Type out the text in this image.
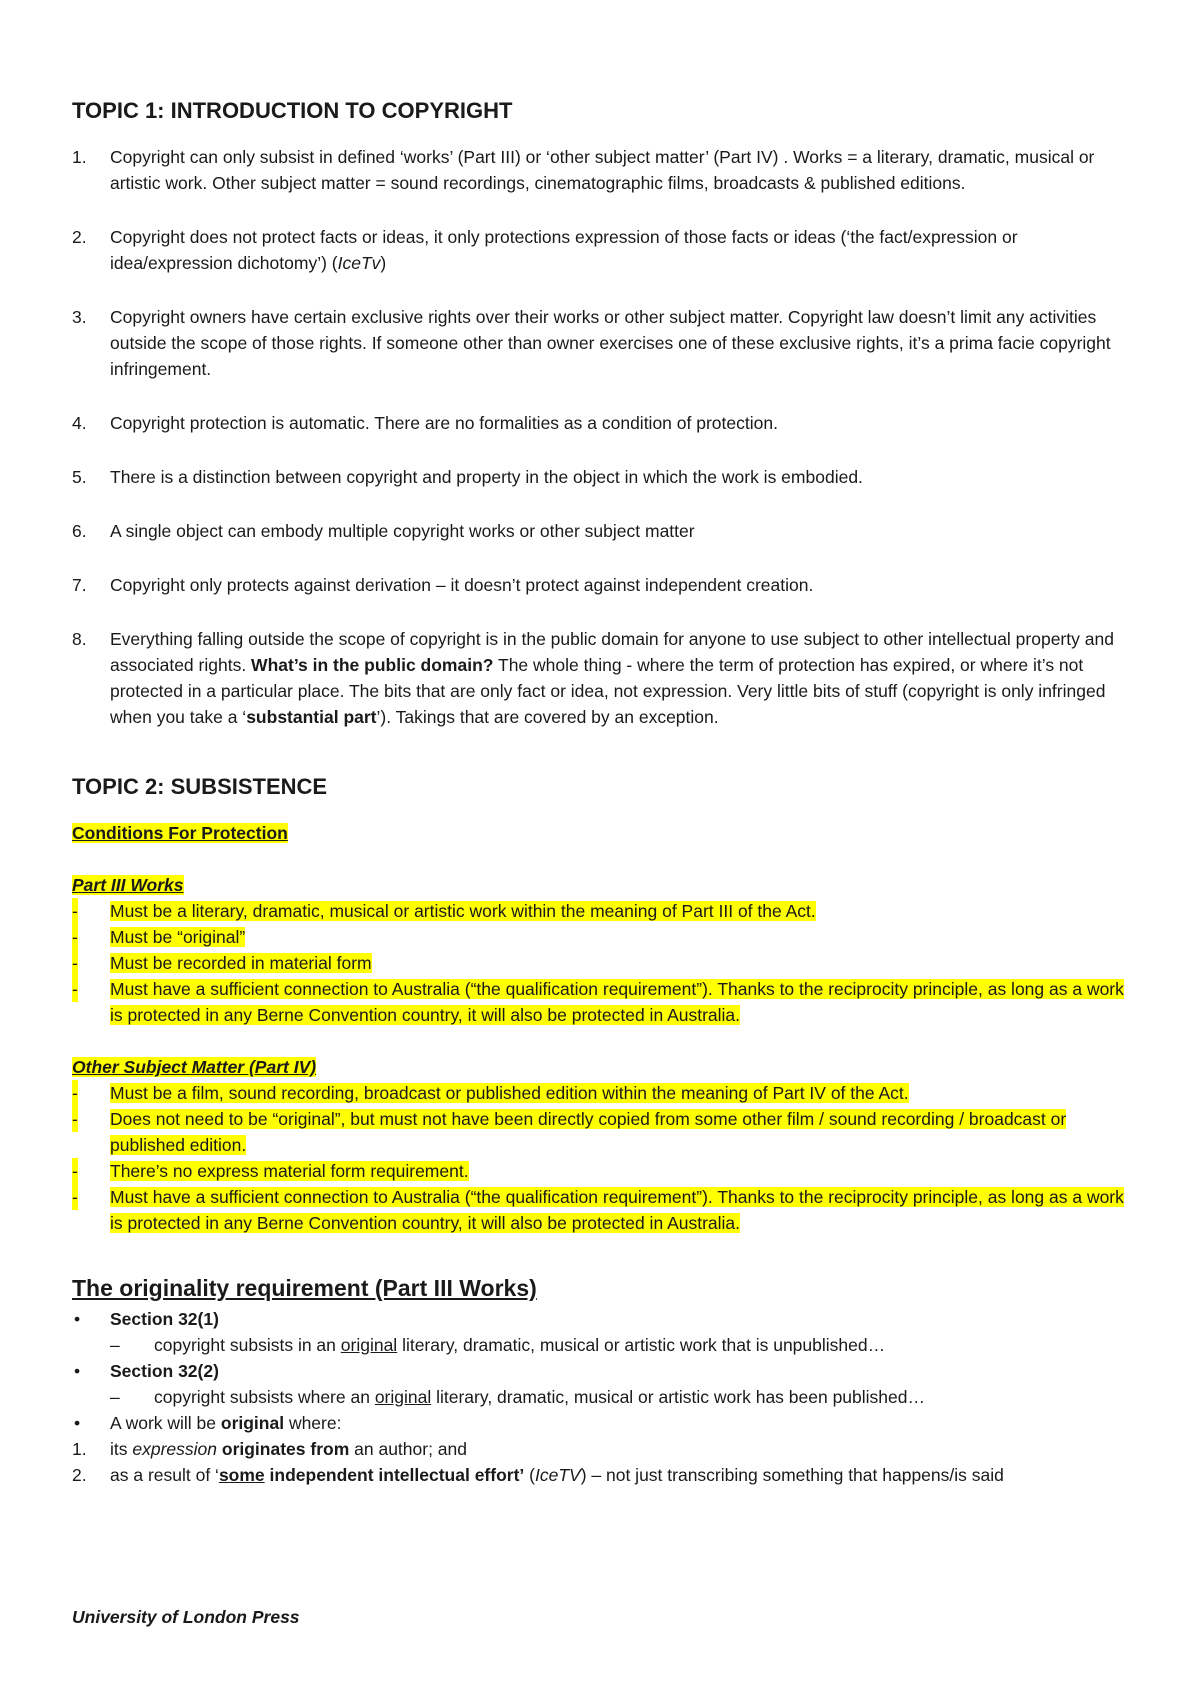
TOPIC 1: INTRODUCTION TO COPYRIGHT
1. Copyright can only subsist in defined ‘works’ (Part III) or ‘other subject matter’ (Part IV) . Works = a literary, dramatic, musical or artistic work. Other subject matter = sound recordings, cinematographic films, broadcasts & published editions.
2. Copyright does not protect facts or ideas, it only protections expression of those facts or ideas (‘the fact/expression or idea/expression dichotomy’) (IceTv)
3. Copyright owners have certain exclusive rights over their works or other subject matter. Copyright law doesn’t limit any activities outside the scope of those rights. If someone other than owner exercises one of these exclusive rights, it’s a prima facie copyright infringement.
4. Copyright protection is automatic. There are no formalities as a condition of protection.
5. There is a distinction between copyright and property in the object in which the work is embodied.
6. A single object can embody multiple copyright works or other subject matter
7. Copyright only protects against derivation – it doesn’t protect against independent creation.
8. Everything falling outside the scope of copyright is in the public domain for anyone to use subject to other intellectual property and associated rights. What’s in the public domain? The whole thing - where the term of protection has expired, or where it’s not protected in a particular place. The bits that are only fact or idea, not expression. Very little bits of stuff (copyright is only infringed when you take a ‘substantial part’). Takings that are covered by an exception.
TOPIC 2: SUBSISTENCE
Conditions For Protection
Part III Works
- Must be a literary, dramatic, musical or artistic work within the meaning of Part III of the Act.
- Must be “original”
- Must be recorded in material form
- Must have a sufficient connection to Australia (“the qualification requirement”). Thanks to the reciprocity principle, as long as a work is protected in any Berne Convention country, it will also be protected in Australia.
Other Subject Matter (Part IV)
- Must be a film, sound recording, broadcast or published edition within the meaning of Part IV of the Act.
- Does not need to be “original”, but must not have been directly copied from some other film / sound recording / broadcast or published edition.
- There’s no express material form requirement.
- Must have a sufficient connection to Australia (“the qualification requirement”). Thanks to the reciprocity principle, as long as a work is protected in any Berne Convention country, it will also be protected in Australia.
The originality requirement (Part III Works)
• Section 32(1)
– copyright subsists in an original literary, dramatic, musical or artistic work that is unpublished…
• Section 32(2)
– copyright subsists where an original literary, dramatic, musical or artistic work has been published…
• A work will be original where:
1. its expression originates from an author; and
2. as a result of ‘some independent intellectual effort’ (IceTV) – not just transcribing something that happens/is said
University of London Press
